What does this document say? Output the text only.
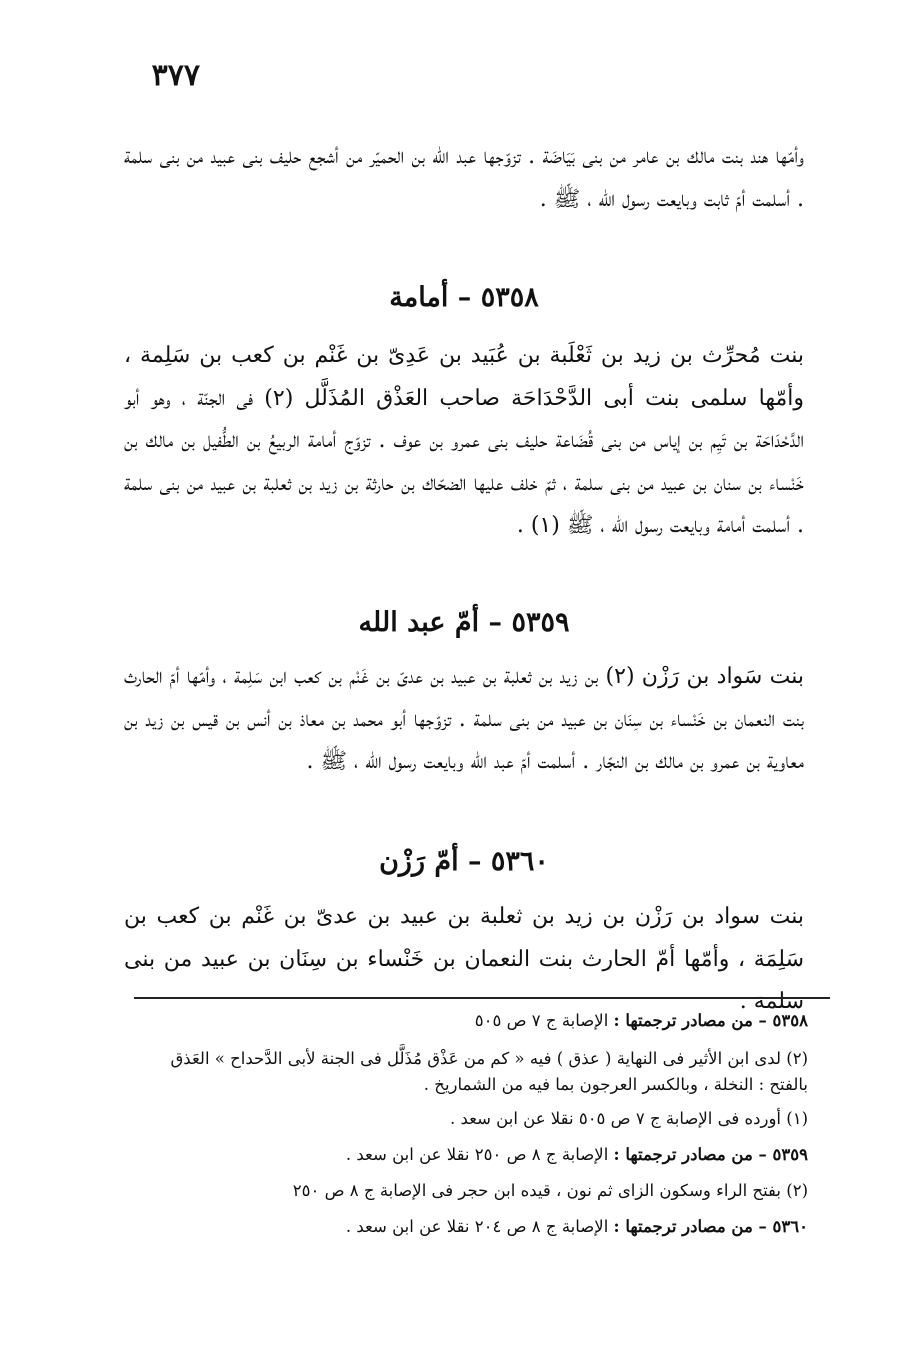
٣٧٧

وأمّها هند بنت مالك بن عامر من بنى بَيَاضَة . تزوّجها عبد الله بن الحميّر من أشجع حليف بنى عبيد من بنى سلمة . أسلمت أمّ ثابت وبايعت رسول الله ، ﷺ .

٥٣٥٨ – أمامة

بنت مُحرِّث بن زيد بن ثَعْلَبة بن عُبَيد بن عَدِىّ بن غَنْم بن كعب بن سَلِمة ، وأمّها سلمى بنت أبى الدَّحْدَاحَة صاحب العَذْق المُذَلَّل (٢) فى الجنّة ، وهو أبو الدَّحْدَاحَة بن تَيِم بن إياس من بنى قُضَاعة حليف بنى عمرو بن عوف . تزوّج أمامة الربيعُ بن الطُّفيل بن مالك بن خَنْساء بن سنان بن عبيد من بنى سلمة ، ثمّ خلف عليها الضحّاك بن حارثة بن زيد بن ثعلبة بن عبيد من بنى سلمة . أسلمت أمامة وبايعت رسول الله ، ﷺ (١) .

٥٣٥٩ – أمّ عبد الله

بنت سَواد بن رَزْن (٢) بن زيد بن ثعلبة بن عبيد بن عدىّ بن غَنْم بن كعب ابن سَلِمة ، وأمّها أمّ الحارث بنت النعمان بن خَنْساء بن سِنَان بن عبيد من بنى سلمة . تزوّجها أبو محمد بن معاذ بن أنس بن قيس بن زيد بن معاوية بن عمرو بن مالك بن النجّار . أسلمت أمّ عبد الله وبايعت رسول الله ، ﷺ .

٥٣٦٠ – أمّ رَزْن

بنت سواد بن رَزْن بن زيد بن ثعلبة بن عبيد بن عدىّ بن غَنْم بن كعب بن سَلِمَة ، وأمّها أمّ الحارث بنت النعمان بن خَنْساء بن سِنَان بن عبيد من بنى سلمة .

٥٣٥٨ – من مصادر ترجمتها : الإصابة ج ٧ ص ٥٠٥

(٢) لدى ابن الأثير فى النهاية ( عذق ) فيه « كم من عَذْق مُذَلَّل فى الجنة لأبى الدَّحداح » العَذق بالفتح : النخلة ، وبالكسر العرجون بما فيه من الشماريخ .

(١) أورده فى الإصابة ج ٧ ص ٥٠٥ نقلا عن ابن سعد .

٥٣٥٩ – من مصادر ترجمتها : الإصابة ج ٨ ص ٢٥٠ نقلا عن ابن سعد .

(٢) بفتح الراء وسكون الزاى ثم نون ، قيده ابن حجر فى الإصابة ج ٨ ص ٢٥٠

٥٣٦٠ – من مصادر ترجمتها : الإصابة ج ٨ ص ٢٠٤ نقلا عن ابن سعد .
